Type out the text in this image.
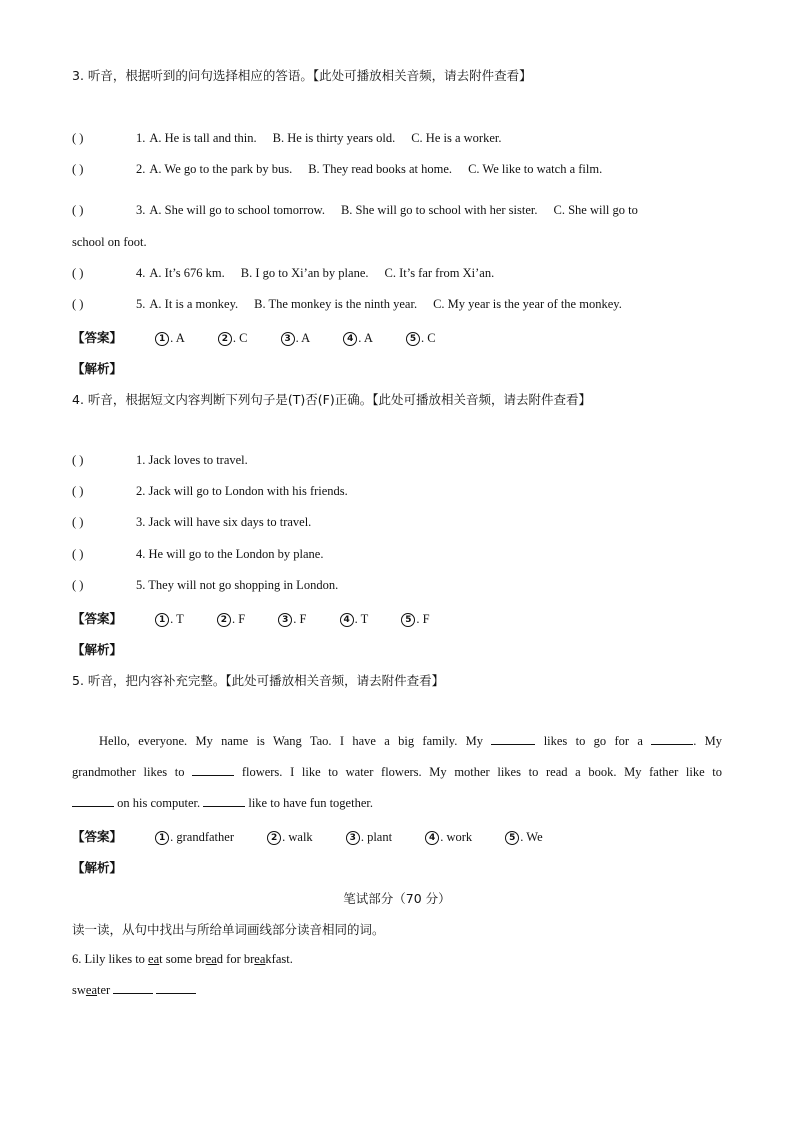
3. 听音，根据听到的问句选择相应的答语。【此处可播放相关音频，请去附件查看】
( )	1. A. He is tall and thin. B. He is thirty years old. C. He is a worker.
( )	2. A. We go to the park by bus. B. They read books at home. C. We like to watch a film.
( )	3. A. She will go to school tomorrow. B. She will go to school with her sister. C. She will go to
school on foot.
( )	4. A. It’s 676 km. B. I go to Xi’an by plane. C. It’s far from Xi’an.
( )	5. A. It is a monkey. B. The monkey is the ninth year. C. My year is the year of the monkey.
【答案】	1 . A	2 . C	3 . A	4 . A	5 . C
【解析】
4. 听音，根据短文内容判断下列句子是(T)否(F)正确。【此处可播放相关音频，请去附件查看】
( )	1. Jack loves to travel.
( )	2. Jack will go to London with his friends.
( )	3. Jack will have six days to travel.
( )	4. He will go to the London by plane.
( )	5. They will not go shopping in London.
【答案】	1 . T	2 . F	3 . F	4 . T	5 . F
【解析】
5. 听音，把内容补充完整。【此处可播放相关音频，请去附件查看】
Hello, everyone. My name is Wang Tao. I have a big family. My	likes to go for a	. My
grandmother likes to	flowers. I like to water flowers. My mother likes to read a book. My father like to
on his computer.	like to have fun together.
【答案】	1 . grandfather	2 . walk	3 . plant	4 . work	5 . We
【解析】
笔试部分（70 分）
读一读，从句中找出与所给单词画线部分读音相同的词。
6. Lily likes to eat some bread for breakfast.
sweater
